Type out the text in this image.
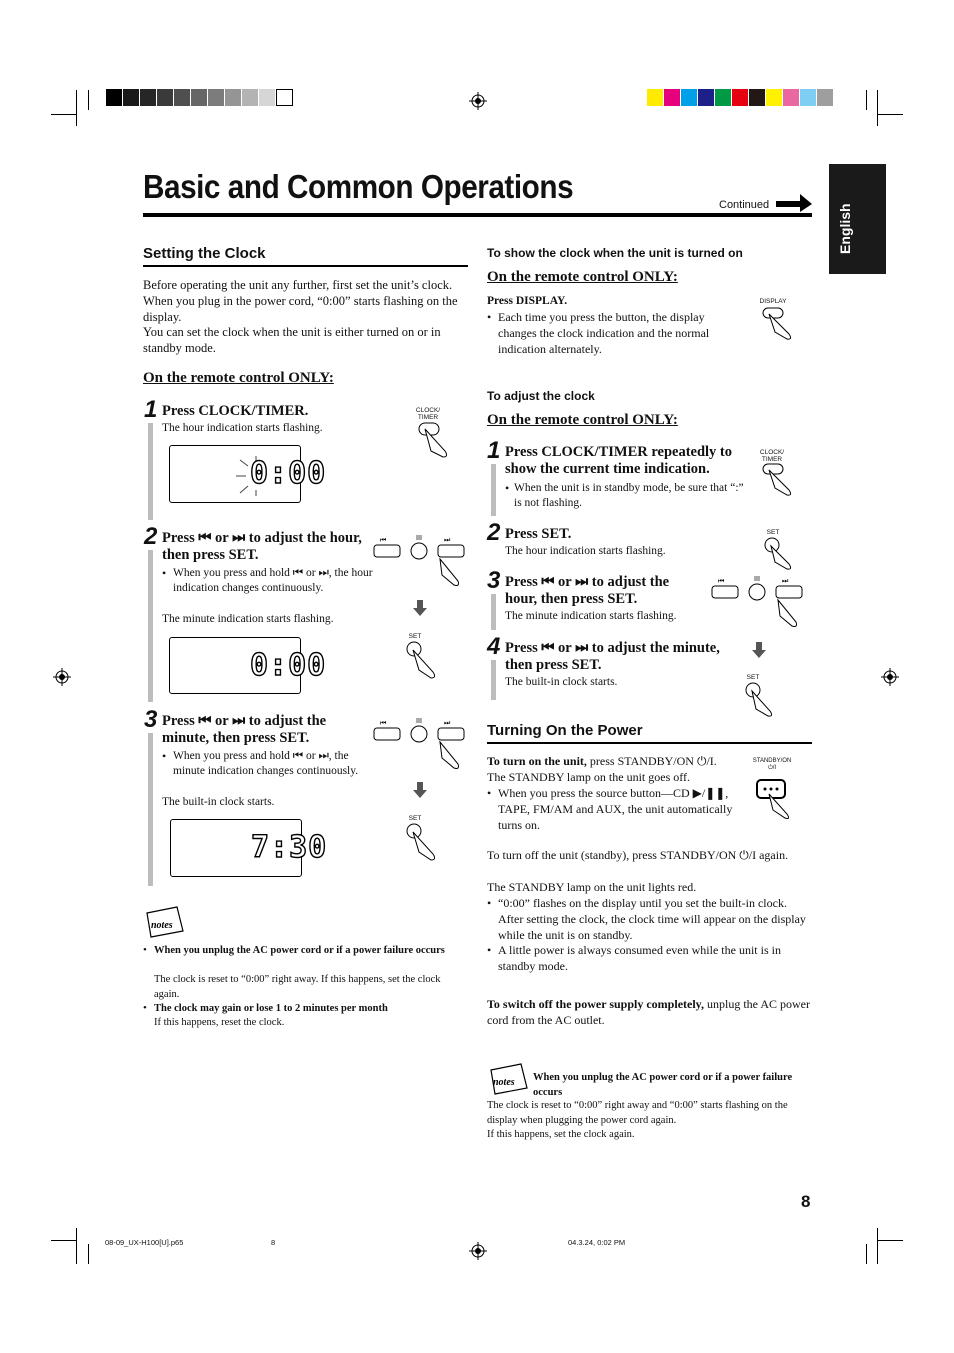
Basic and Common Operations	Continued	English
Setting the Clock
Before operating the unit any further, first set the unit’s clock. When you plug in the power cord, “0:00” starts flashing on the display.
You can set the clock when the unit is either turned on or in standby mode.
On the remote control ONLY:
1 Press CLOCK/TIMER.
The hour indication starts flashing.
0:00
CLOCK/
TIMER
2 Press ⏮ or ⏭ to adjust the hour, then press SET.
• When you press and hold ⏮ or ⏭, the hour indication changes continuously.
The minute indication starts flashing.
0:00
⏮	⏭
SET
3 Press ⏮ or ⏭ to adjust the minute, then press SET.
• When you press and hold ⏮ or ⏭, the minute indication changes continuously.
The built-in clock starts.
7:30
⏮	⏭
SET
notes
• When you unplug the AC power cord or if a power failure occurs
The clock is reset to “0:00” right away. If this happens, set the clock again.
• The clock may gain or lose 1 to 2 minutes per month
If this happens, reset the clock.
To show the clock when the unit is turned on
On the remote control ONLY:
Press DISPLAY.
• Each time you press the button, the display changes the clock indication and the normal indication alternately.
DISPLAY
To adjust the clock
On the remote control ONLY:
1 Press CLOCK/TIMER repeatedly to show the current time indication.
• When the unit is in standby mode, be sure that “:” is not flashing.
CLOCK/
TIMER
2 Press SET.
The hour indication starts flashing.
SET
3 Press ⏮ or ⏭ to adjust the hour, then press SET.
The minute indication starts flashing.
⏮	⏭
4 Press ⏮ or ⏭ to adjust the minute, then press SET.
The built-in clock starts.	SET
Turning On the Power
To turn on the unit, press STANDBY/ON ⏻/I.
The STANDBY lamp on the unit goes off.
• When you press the source button—CD ▶/❚❚, TAPE, FM/AM and AUX, the unit automatically turns on.
STANDBY/ON
⏻/I
To turn off the unit (standby), press STANDBY/ON ⏻/I again.
The STANDBY lamp on the unit lights red.
• “0:00” flashes on the display until you set the built-in clock. After setting the clock, the clock time will appear on the display while the unit is on standby.
• A little power is always consumed even while the unit is in standby mode.
To switch off the power supply completely, unplug the AC power cord from the AC outlet.
notes When you unplug the AC power cord or if a power failure occurs
The clock is reset to “0:00” right away and “0:00” starts flashing on the display when plugging the power cord again.
If this happens, set the clock again.
8
08-09_UX-H100[U].p65	8	04.3.24, 0:02 PM
